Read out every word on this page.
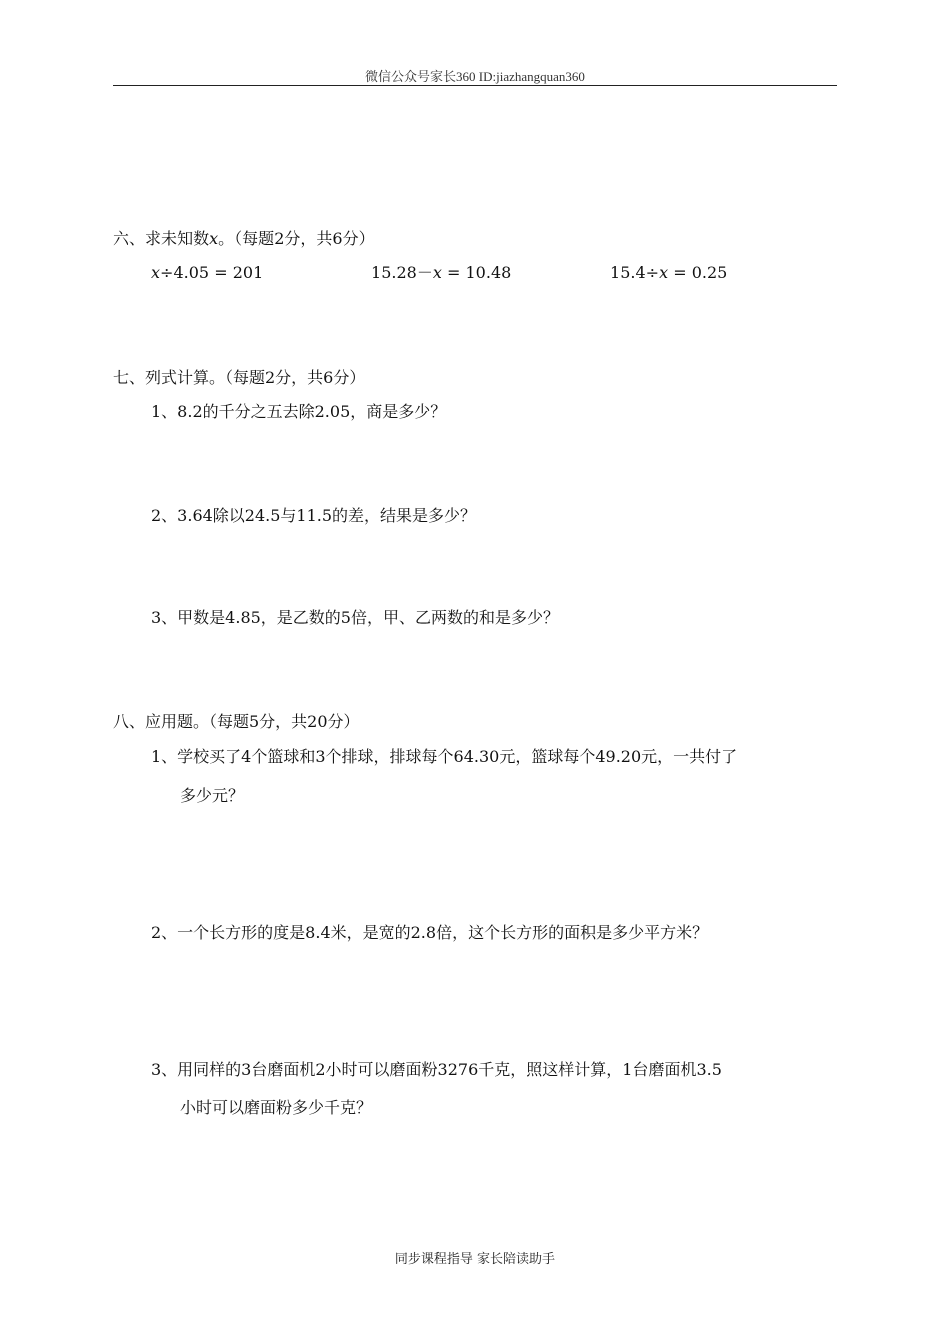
微信公众号家长360 ID:jiazhangquan360
六、求未知数x。（每题2分，共6分）
x÷4.05 = 201	15.28－x = 10.48	15.4÷x = 0.25
七、列式计算。（每题2分，共6分）
1、8.2的千分之五去除2.05，商是多少？
2、3.64除以24.5与11.5的差，结果是多少？
3、甲数是4.85，是乙数的5倍，甲、乙两数的和是多少？
八、应用题。（每题5分，共20分）
1、学校买了4个篮球和3个排球，排球每个64.30元，篮球每个49.20元，一共付了
多少元？
2、一个长方形的度是8.4米，是宽的2.8倍，这个长方形的面积是多少平方米？
3、用同样的3台磨面机2小时可以磨面粉3276千克，照这样计算，1台磨面机3.5
小时可以磨面粉多少千克？
同步课程指导 家长陪读助手
